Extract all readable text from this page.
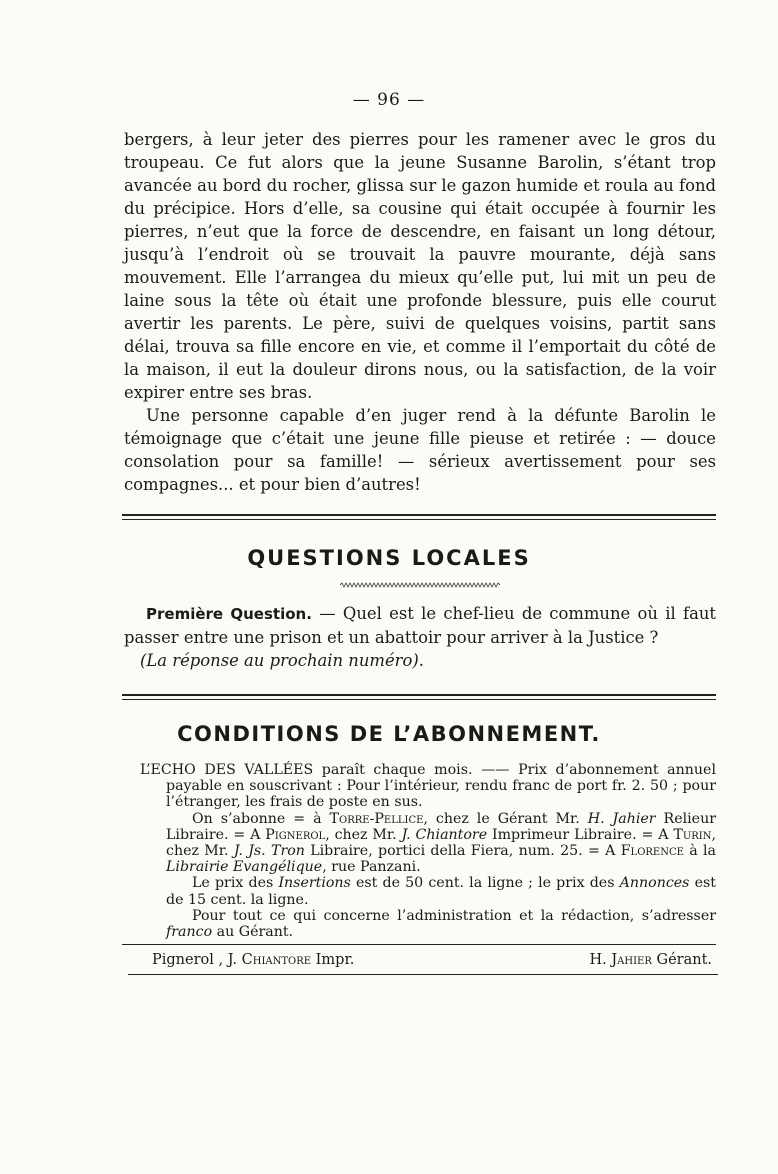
— 96 —

bergers, à leur jeter des pierres pour les ramener avec le gros du troupeau. Ce fut alors que la jeune Susanne Barolin, s’étant trop avancée au bord du rocher, glissa sur le gazon humide et roula au fond du précipice. Hors d’elle, sa cousine qui était occupée à fournir les pierres, n’eut que la force de descendre, en faisant un long détour, jusqu’à l’endroit où se trouvait la pauvre mourante, déjà sans mouvement. Elle l’arrangea du mieux qu’elle put, lui mit un peu de laine sous la tête où était une profonde blessure, puis elle courut avertir les parents. Le père, suivi de quelques voisins, partit sans délai, trouva sa fille encore en vie, et comme il l’emportait du côté de la maison, il eut la douleur dirons nous, ou la satisfaction, de la voir expirer entre ses bras.

Une personne capable d’en juger rend à la défunte Barolin le témoignage que c’était une jeune fille pieuse et retirée : — douce consolation pour sa famille! — sérieux avertissement pour ses compagnes... et pour bien d’autres!

QUESTIONS LOCALES

Première Question. — Quel est le chef-lieu de commune où il faut passer entre une prison et un abattoir pour arriver à la Justice ?

(La réponse au prochain numéro).

CONDITIONS DE L’ABONNEMENT.

L’ECHO DES VALLÉES paraît chaque mois. —— Prix d’abonnement annuel payable en souscrivant : Pour l’intérieur, rendu franc de port fr. 2. 50 ; pour l’étranger, les frais de poste en sus.

On s’abonne = à Torre-Pellice, chez le Gérant Mr. H. Jahier Relieur Libraire. = A Pignerol, chez Mr. J. Chiantore Imprimeur Libraire. = A Turin, chez Mr. J. Js. Tron Libraire, portici della Fiera, num. 25. = A Florence à la Librairie Evangélique, rue Panzani.

Le prix des Insertions est de 50 cent. la ligne ; le prix des Annonces est de 15 cent. la ligne.

Pour tout ce qui concerne l’administration et la rédaction, s’adresser franco au Gérant.

Pignerol , J. Chiantore Impr.	H. Jahier Gérant.
